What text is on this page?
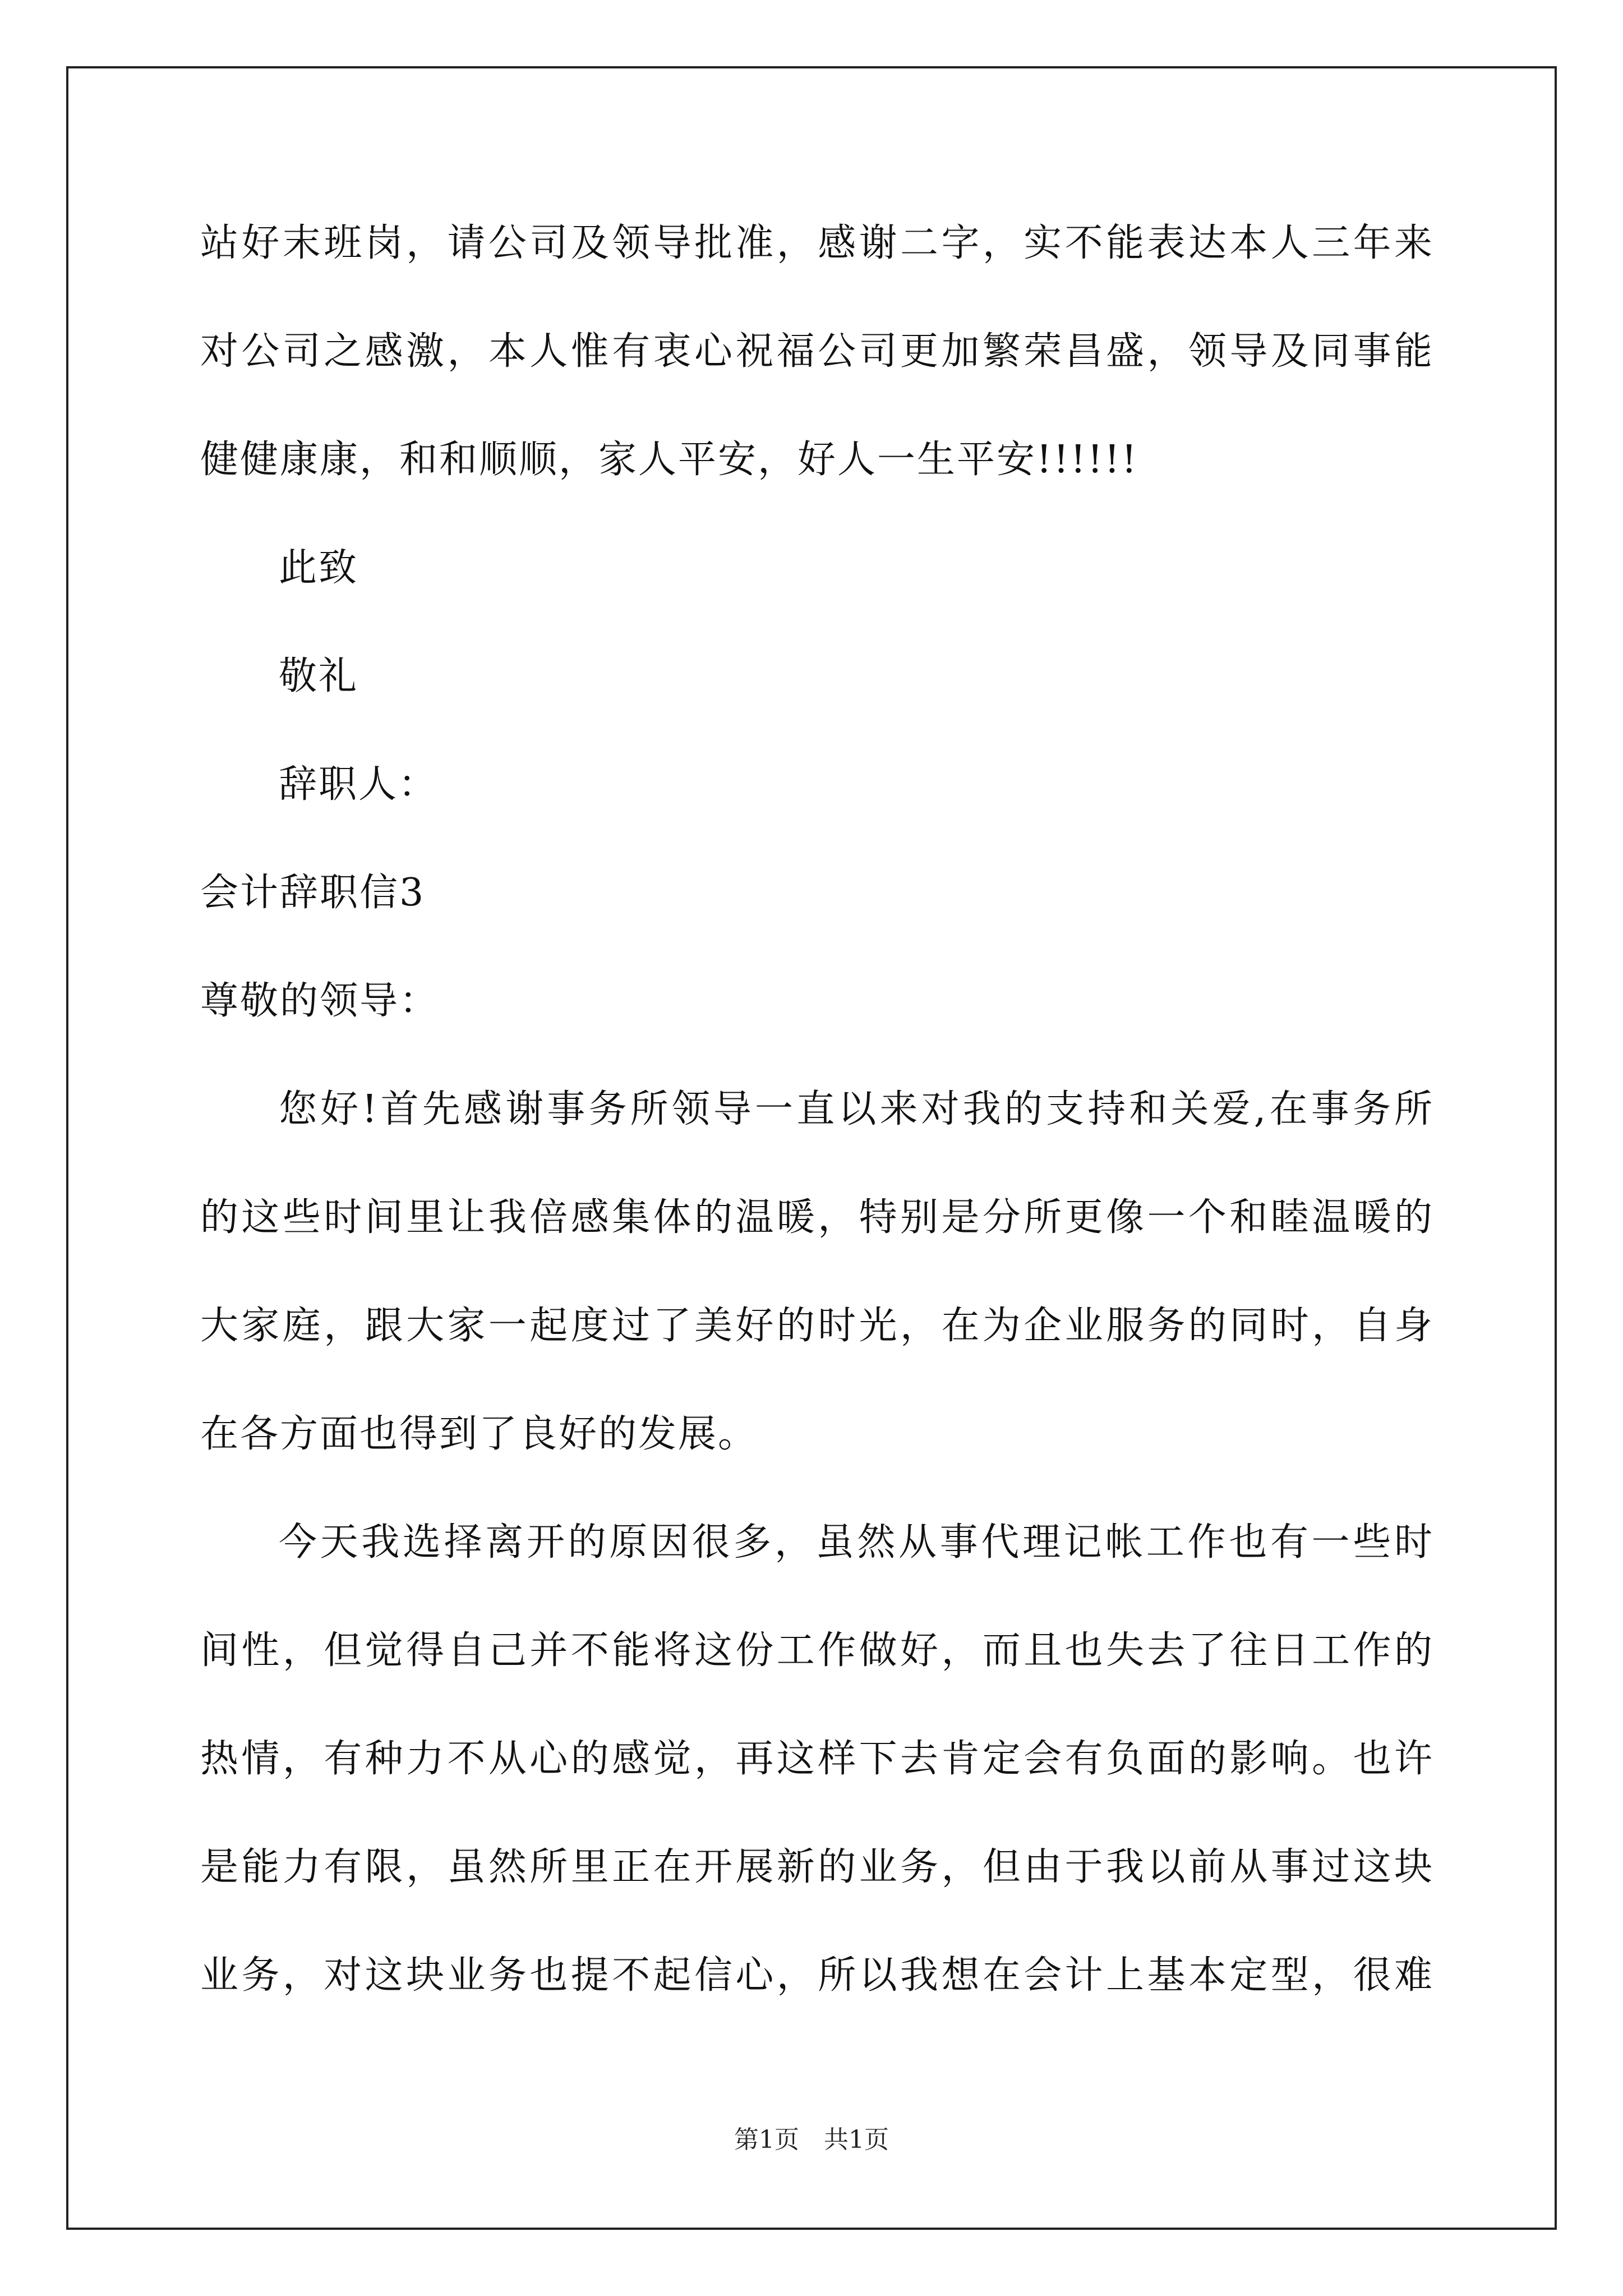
站好末班岗，请公司及领导批准，感谢二字，实不能表达本人三年来
对公司之感激，本人惟有衷心祝福公司更加繁荣昌盛，领导及同事能
健健康康，和和顺顺，家人平安，好人一生平安!!!!!!
此致
敬礼
辞职人：
会计辞职信3
尊敬的领导：
您好!首先感谢事务所领导一直以来对我的支持和关爱,在事务所
的这些时间里让我倍感集体的温暖，特别是分所更像一个和睦温暖的
大家庭，跟大家一起度过了美好的时光，在为企业服务的同时，自身
在各方面也得到了良好的发展。
今天我选择离开的原因很多，虽然从事代理记帐工作也有一些时
间性，但觉得自己并不能将这份工作做好，而且也失去了往日工作的
热情，有种力不从心的感觉，再这样下去肯定会有负面的影响。也许
是能力有限，虽然所里正在开展新的业务，但由于我以前从事过这块
业务，对这块业务也提不起信心，所以我想在会计上基本定型，很难
第1页　共1页
